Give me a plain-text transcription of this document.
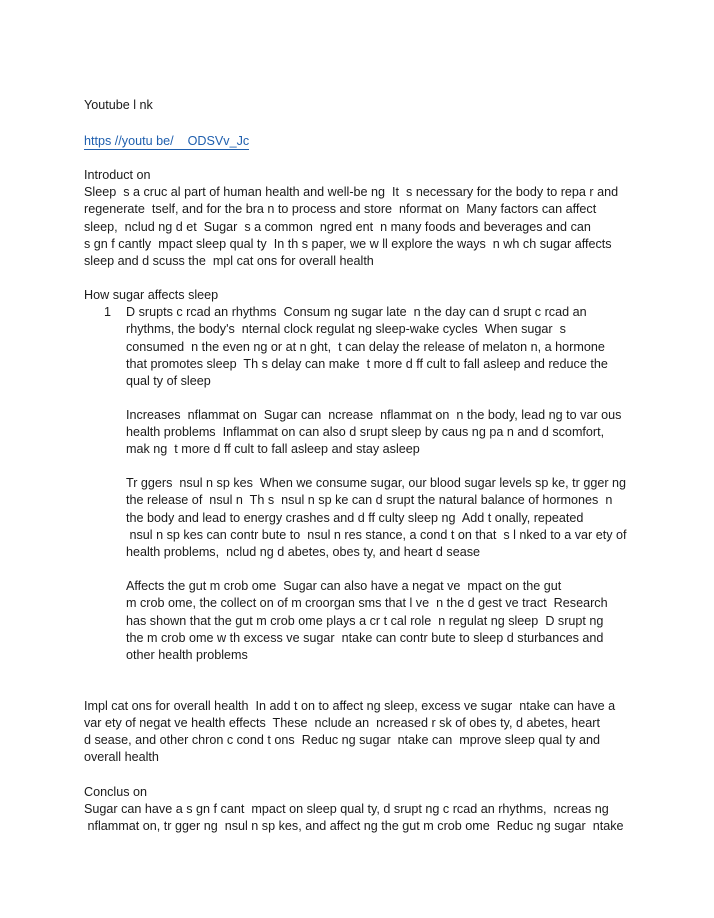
Youtube l nk
https //youtu be/    ODSVv_Jc
Introduct on
Sleep  s a cruc al part of human health and well-be ng  It  s necessary for the body to repa r and
regenerate  tself, and for the bra n to process and store  nformat on  Many factors can affect
sleep,  nclud ng d et  Sugar  s a common  ngred ent  n many foods and beverages and can
s gn f cantly  mpact sleep qual ty  In th s paper, we w ll explore the ways  n wh ch sugar affects
sleep and d scuss the  mpl cat ons for overall health
How sugar affects sleep
1 D srupts c rcad an rhythms  Consum ng sugar late  n the day can d srupt c rcad an
rhythms, the body's  nternal clock regulat ng sleep-wake cycles  When sugar  s
consumed  n the even ng or at n ght,  t can delay the release of melaton n, a hormone
that promotes sleep  Th s delay can make  t more d ff cult to fall asleep and reduce the
qual ty of sleep
Increases  nflammat on  Sugar can  ncrease  nflammat on  n the body, lead ng to var ous
health problems  Inflammat on can also d srupt sleep by caus ng pa n and d scomfort,
mak ng  t more d ff cult to fall asleep and stay asleep
Tr ggers  nsul n sp kes  When we consume sugar, our blood sugar levels sp ke, tr gger ng
the release of  nsul n  Th s  nsul n sp ke can d srupt the natural balance of hormones  n
the body and lead to energy crashes and d ff culty sleep ng  Add t onally, repeated
nsul n sp kes can contr bute to  nsul n res stance, a cond t on that  s l nked to a var ety of
health problems,  nclud ng d abetes, obes ty, and heart d sease
Affects the gut m crob ome  Sugar can also have a negat ve  mpact on the gut
m crob ome, the collect on of m croorgan sms that l ve  n the d gest ve tract  Research
has shown that the gut m crob ome plays a cr t cal role  n regulat ng sleep  D srupt ng
the m crob ome w th excess ve sugar  ntake can contr bute to sleep d sturbances and
other health problems
Impl cat ons for overall health  In add t on to affect ng sleep, excess ve sugar  ntake can have a
var ety of negat ve health effects  These  nclude an  ncreased r sk of obes ty, d abetes, heart
d sease, and other chron c cond t ons  Reduc ng sugar  ntake can  mprove sleep qual ty and
overall health
Conclus on
Sugar can have a s gn f cant  mpact on sleep qual ty, d srupt ng c rcad an rhythms,  ncreas ng
nflammat on, tr gger ng  nsul n sp kes, and affect ng the gut m crob ome  Reduc ng sugar  ntake
